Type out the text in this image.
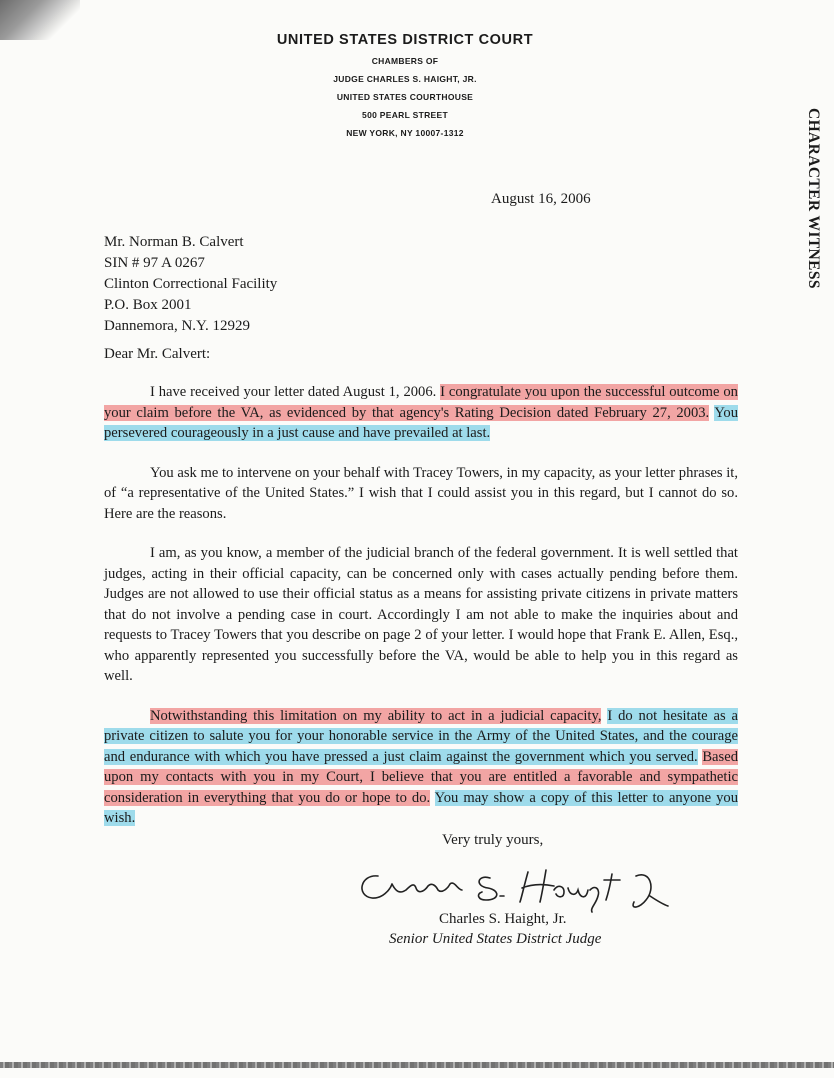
UNITED STATES DISTRICT COURT
CHAMBERS OF
JUDGE CHARLES S. HAIGHT, JR.
UNITED STATES COURTHOUSE
500 PEARL STREET
NEW YORK, NY 10007-1312	CHARACTER WITNESS
August 16, 2006
Mr. Norman B. Calvert
SIN # 97 A 0267
Clinton Correctional Facility
P.O. Box 2001
Dannemora, N.Y. 12929
Dear Mr. Calvert:

I have received your letter dated August 1, 2006. I congratulate you upon the successful outcome on your claim before the VA, as evidenced by that agency's Rating Decision dated February 27, 2003. You persevered courageously in a just cause and have prevailed at last.

You ask me to intervene on your behalf with Tracey Towers, in my capacity, as your letter phrases it, of “a representative of the United States.” I wish that I could assist you in this regard, but I cannot do so. Here are the reasons.

I am, as you know, a member of the judicial branch of the federal government. It is well settled that judges, acting in their official capacity, can be concerned only with cases actually pending before them. Judges are not allowed to use their official status as a means for assisting private citizens in private matters that do not involve a pending case in court. Accordingly I am not able to make the inquiries about and requests to Tracey Towers that you describe on page 2 of your letter. I would hope that Frank E. Allen, Esq., who apparently represented you successfully before the VA, would be able to help you in this regard as well.

Notwithstanding this limitation on my ability to act in a judicial capacity, I do not hesitate as a private citizen to salute you for your honorable service in the Army of the United States, and the courage and endurance with which you have pressed a just claim against the government which you served. Based upon my contacts with you in my Court, I believe that you are entitled a favorable and sympathetic consideration in everything that you do or hope to do. You may show a copy of this letter to anyone you wish.

Very truly yours,
Charles S. Haight, Jr.
Senior United States District Judge
